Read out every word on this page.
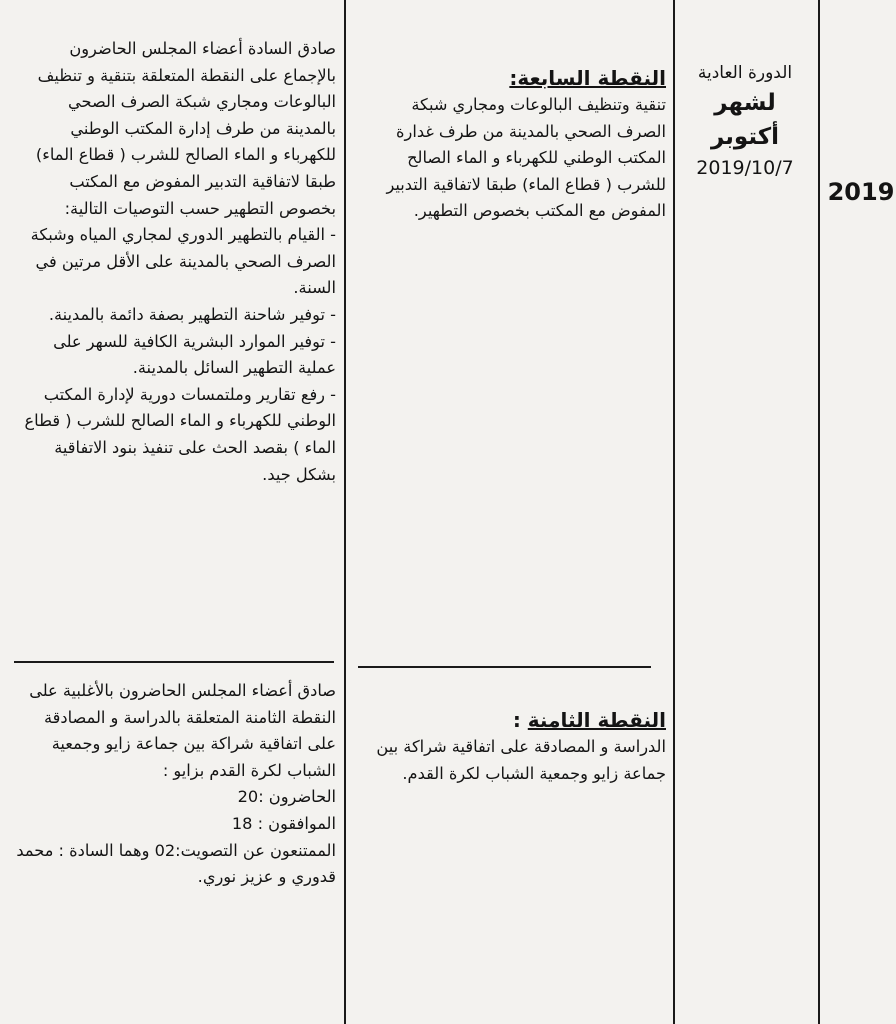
2019
الدورة العادية
لشهر أكتوبر
2019/10/7
النقطة السابعة:
تنقية وتنظيف البالوعات ومجاري شبكة الصرف الصحي بالمدينة من طرف غدارة المكتب الوطني للكهرباء و الماء الصالح للشرب ( قطاع الماء) طبقا لاتفاقية التدبير المفوض مع المكتب بخصوص التطهير.
النقطة الثامنة :
الدراسة و المصادقة على اتفاقية شراكة بين جماعة زايو وجمعية الشباب لكرة القدم.
صادق السادة أعضاء المجلس الحاضرون بالإجماع على النقطة المتعلقة بتنقية و تنظيف البالوعات ومجاري شبكة الصرف الصحي بالمدينة من طرف إدارة المكتب الوطني للكهرباء و الماء الصالح للشرب ( قطاع الماء) طبقا لاتفاقية التدبير المفوض مع المكتب بخصوص التطهير حسب التوصيات التالية:
- القيام بالتطهير الدوري لمجاري المياه وشبكة الصرف الصحي بالمدينة على الأقل مرتين في السنة.
- توفير شاحنة التطهير بصفة دائمة بالمدينة.
- توفير الموارد البشرية الكافية للسهر على عملية التطهير السائل بالمدينة.
- رفع تقارير وملتمسات دورية لإدارة المكتب الوطني للكهرباء و الماء الصالح للشرب ( قطاع الماء ) بقصد الحث على تنفيذ بنود الاتفاقية بشكل جيد.
صادق أعضاء المجلس الحاضرون بالأغلبية على النقطة الثامنة المتعلقة بالدراسة و المصادقة على اتفاقية شراكة بين جماعة زايو وجمعية الشباب لكرة القدم بزايو :
الحاضرون :20
الموافقون : 18
الممتنعون عن التصويت:02 وهما السادة : محمد قدوري و عزيز نوري.
